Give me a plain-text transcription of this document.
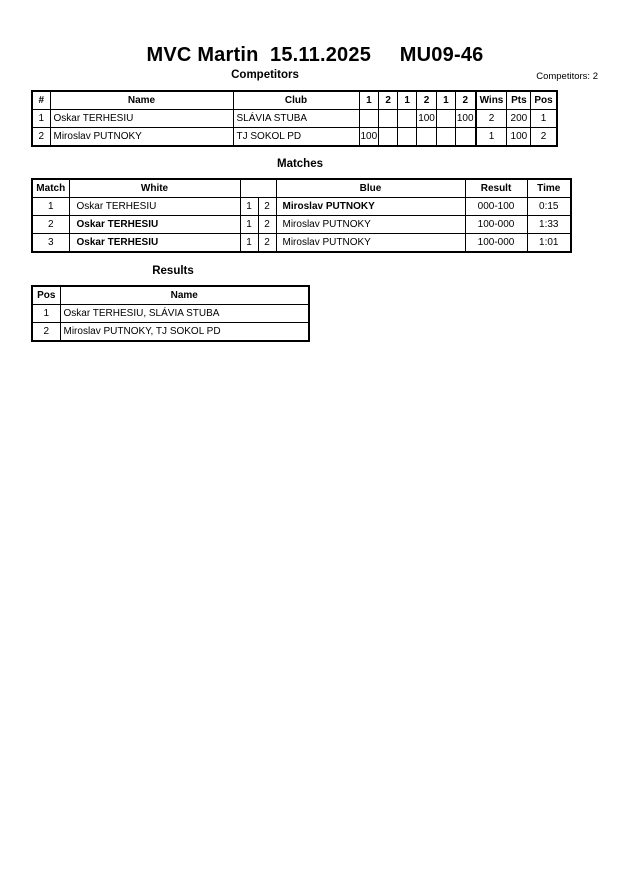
MVC Martin  15.11.2025     MU09-46
Competitors	Competitors: 2
#	Name	Club	1	2	1	2	1	2	Wins	Pts	Pos
1	Oskar TERHESIU	SLÁVIA STUBA				100		100	2	200	1
2	Miroslav PUTNOKY	TJ SOKOL PD	100						1	100	2
Matches
Match	White			Blue	Result	Time
1	Oskar TERHESIU	1	2	Miroslav PUTNOKY	000-100	0:15
2	Oskar TERHESIU	1	2	Miroslav PUTNOKY	100-000	1:33
3	Oskar TERHESIU	1	2	Miroslav PUTNOKY	100-000	1:01
Results
Pos	Name
1	Oskar TERHESIU, SLÁVIA STUBA
2	Miroslav PUTNOKY, TJ SOKOL PD
